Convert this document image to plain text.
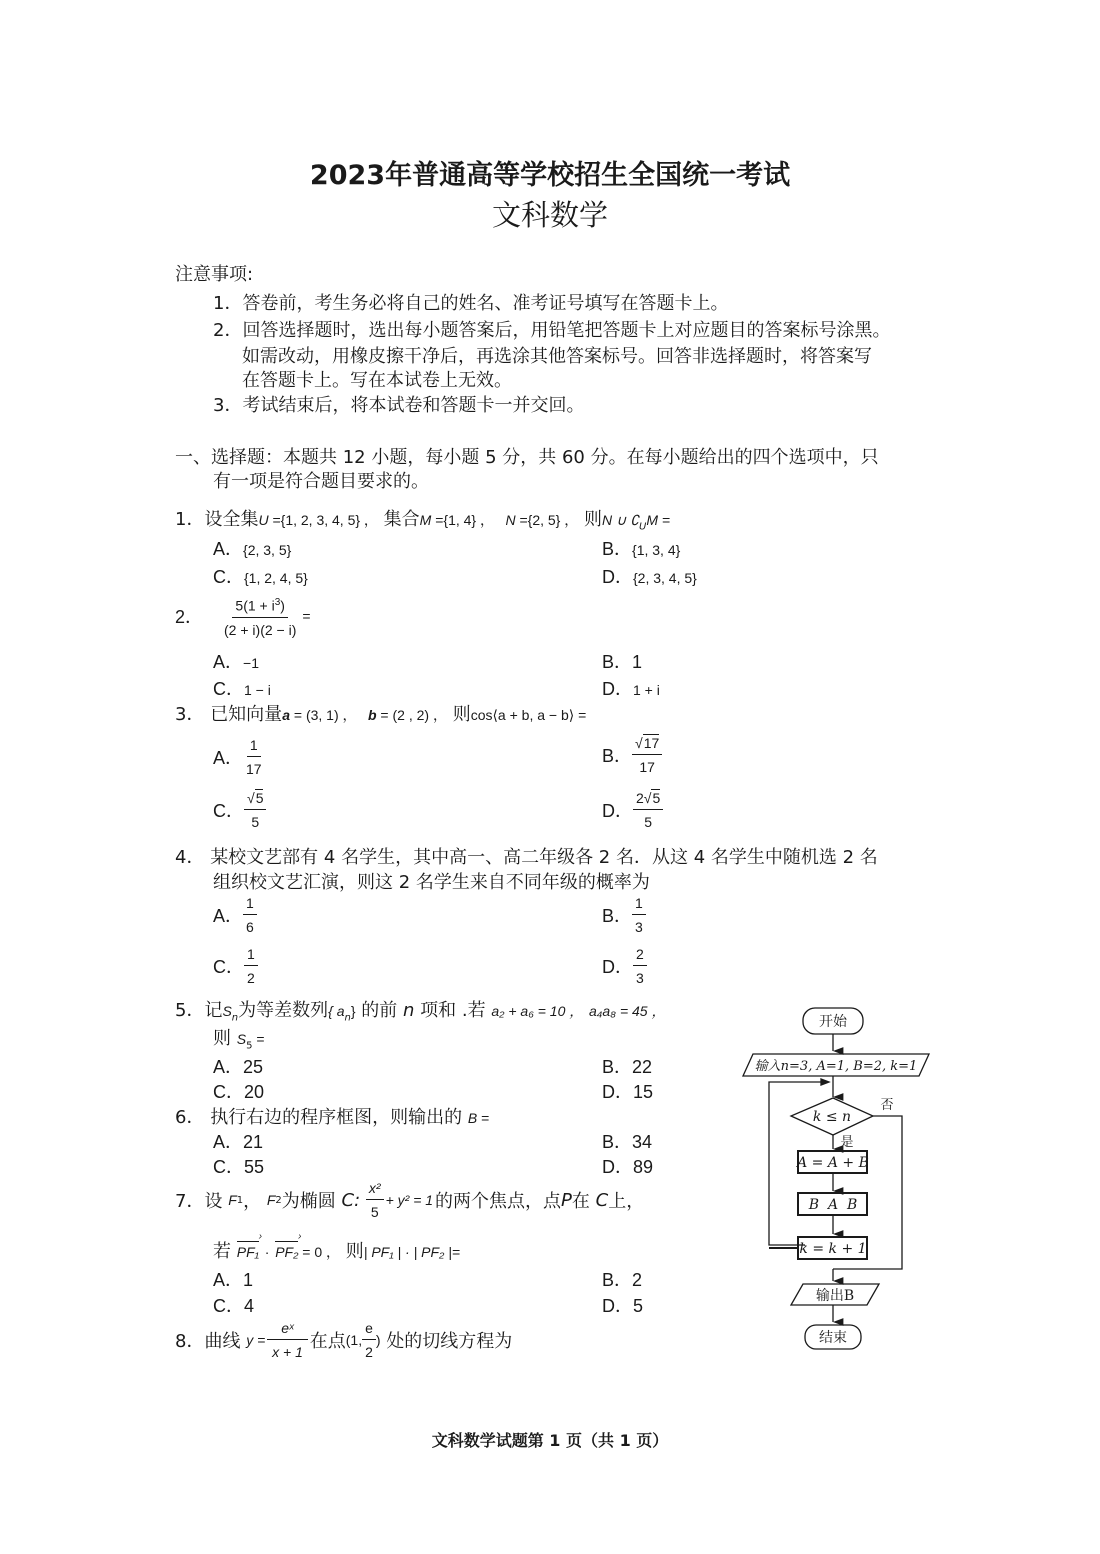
2023年普通高等学校招生全国统一考试
文科数学
注意事项:
1．答卷前，考生务必将自己的姓名、准考证号填写在答题卡上。
2．回答选择题时，选出每小题答案后，用铅笔把答题卡上对应题目的答案标号涂黑。
如需改动，用橡皮擦干净后，再选涂其他答案标号。回答非选择题时，将答案写
在答题卡上。写在本试卷上无效。
3．考试结束后，将本试卷和答题卡一并交回。
一、选择题：本题共 12 小题，每小题 5 分，共 60 分。在每小题给出的四个选项中，只
有一项是符合题目要求的。
1．设全集U ={1, 2, 3, 4, 5} ， 集合M ={1, 4} ， N ={2, 5} ， 则N ∪ $∁_UM$ =
A．{2, 3, 5}	B．{1, 3, 4}
C．{1, 2, 4, 5}	D．{2, 3, 4, 5}
2． $\frac{5(1 + i^3)}{(2 + i)(2 - i)}$ =
A．−1	B．1
C．1 − i	D．1 + i
3． 已知向量a = (3, 1) ， b = (2 , 2) ， 则cos⟨a + b, a − b⟩ =
A． $\frac{1}{17}$	B． $\frac{√17}{17}$
C． $\frac{√5}{5}$	D． $\frac{2√5}{5}$
4． 某校文艺部有 4 名学生，其中高一、高二年级各 2 名．从这 4 名学生中随机选 2 名
组织校文艺汇演，则这 2 名学生来自不同年级的概率为
A． $\frac{1}{6}$	B． $\frac{1}{3}$
C． $\frac{1}{2}$	D． $\frac{2}{3}$
5．记$S_n$为等差数列{ $a_n$} 的前 n 项和 .若 a₂ + a₆ = 10 ， a₄a₈ = 45 ，
则 $S_5$ =
A．25	B．22
C．20	D．15
6． 执行右边的程序框图，则输出的 B =
A．21	B．34
C．55	D．89
7． 设
F 1 ，
F 2 为椭圆
C:
$\frac{\text{x²}}{5} + y^2 = 1$ 的两个焦点，点 P 在
C 上，
若 PF₁ › · PF₂ › = 0 ， 则| PF₁ | · | PF₂ |=
A．1	B．2
C．4	D．5
8． 曲线
$y = \frac{\text{eˣ}}{x + 1}$ 在点 (1, $\frac{e}{2}$ )
处的切线方程为
开始
输入n=3, A=1, B=2, k=1
k ≤ n
否
是
A = A + B
B  A  B
k = k + 1
输出B
结束
文科数学试题第 1 页（共 1 页）
